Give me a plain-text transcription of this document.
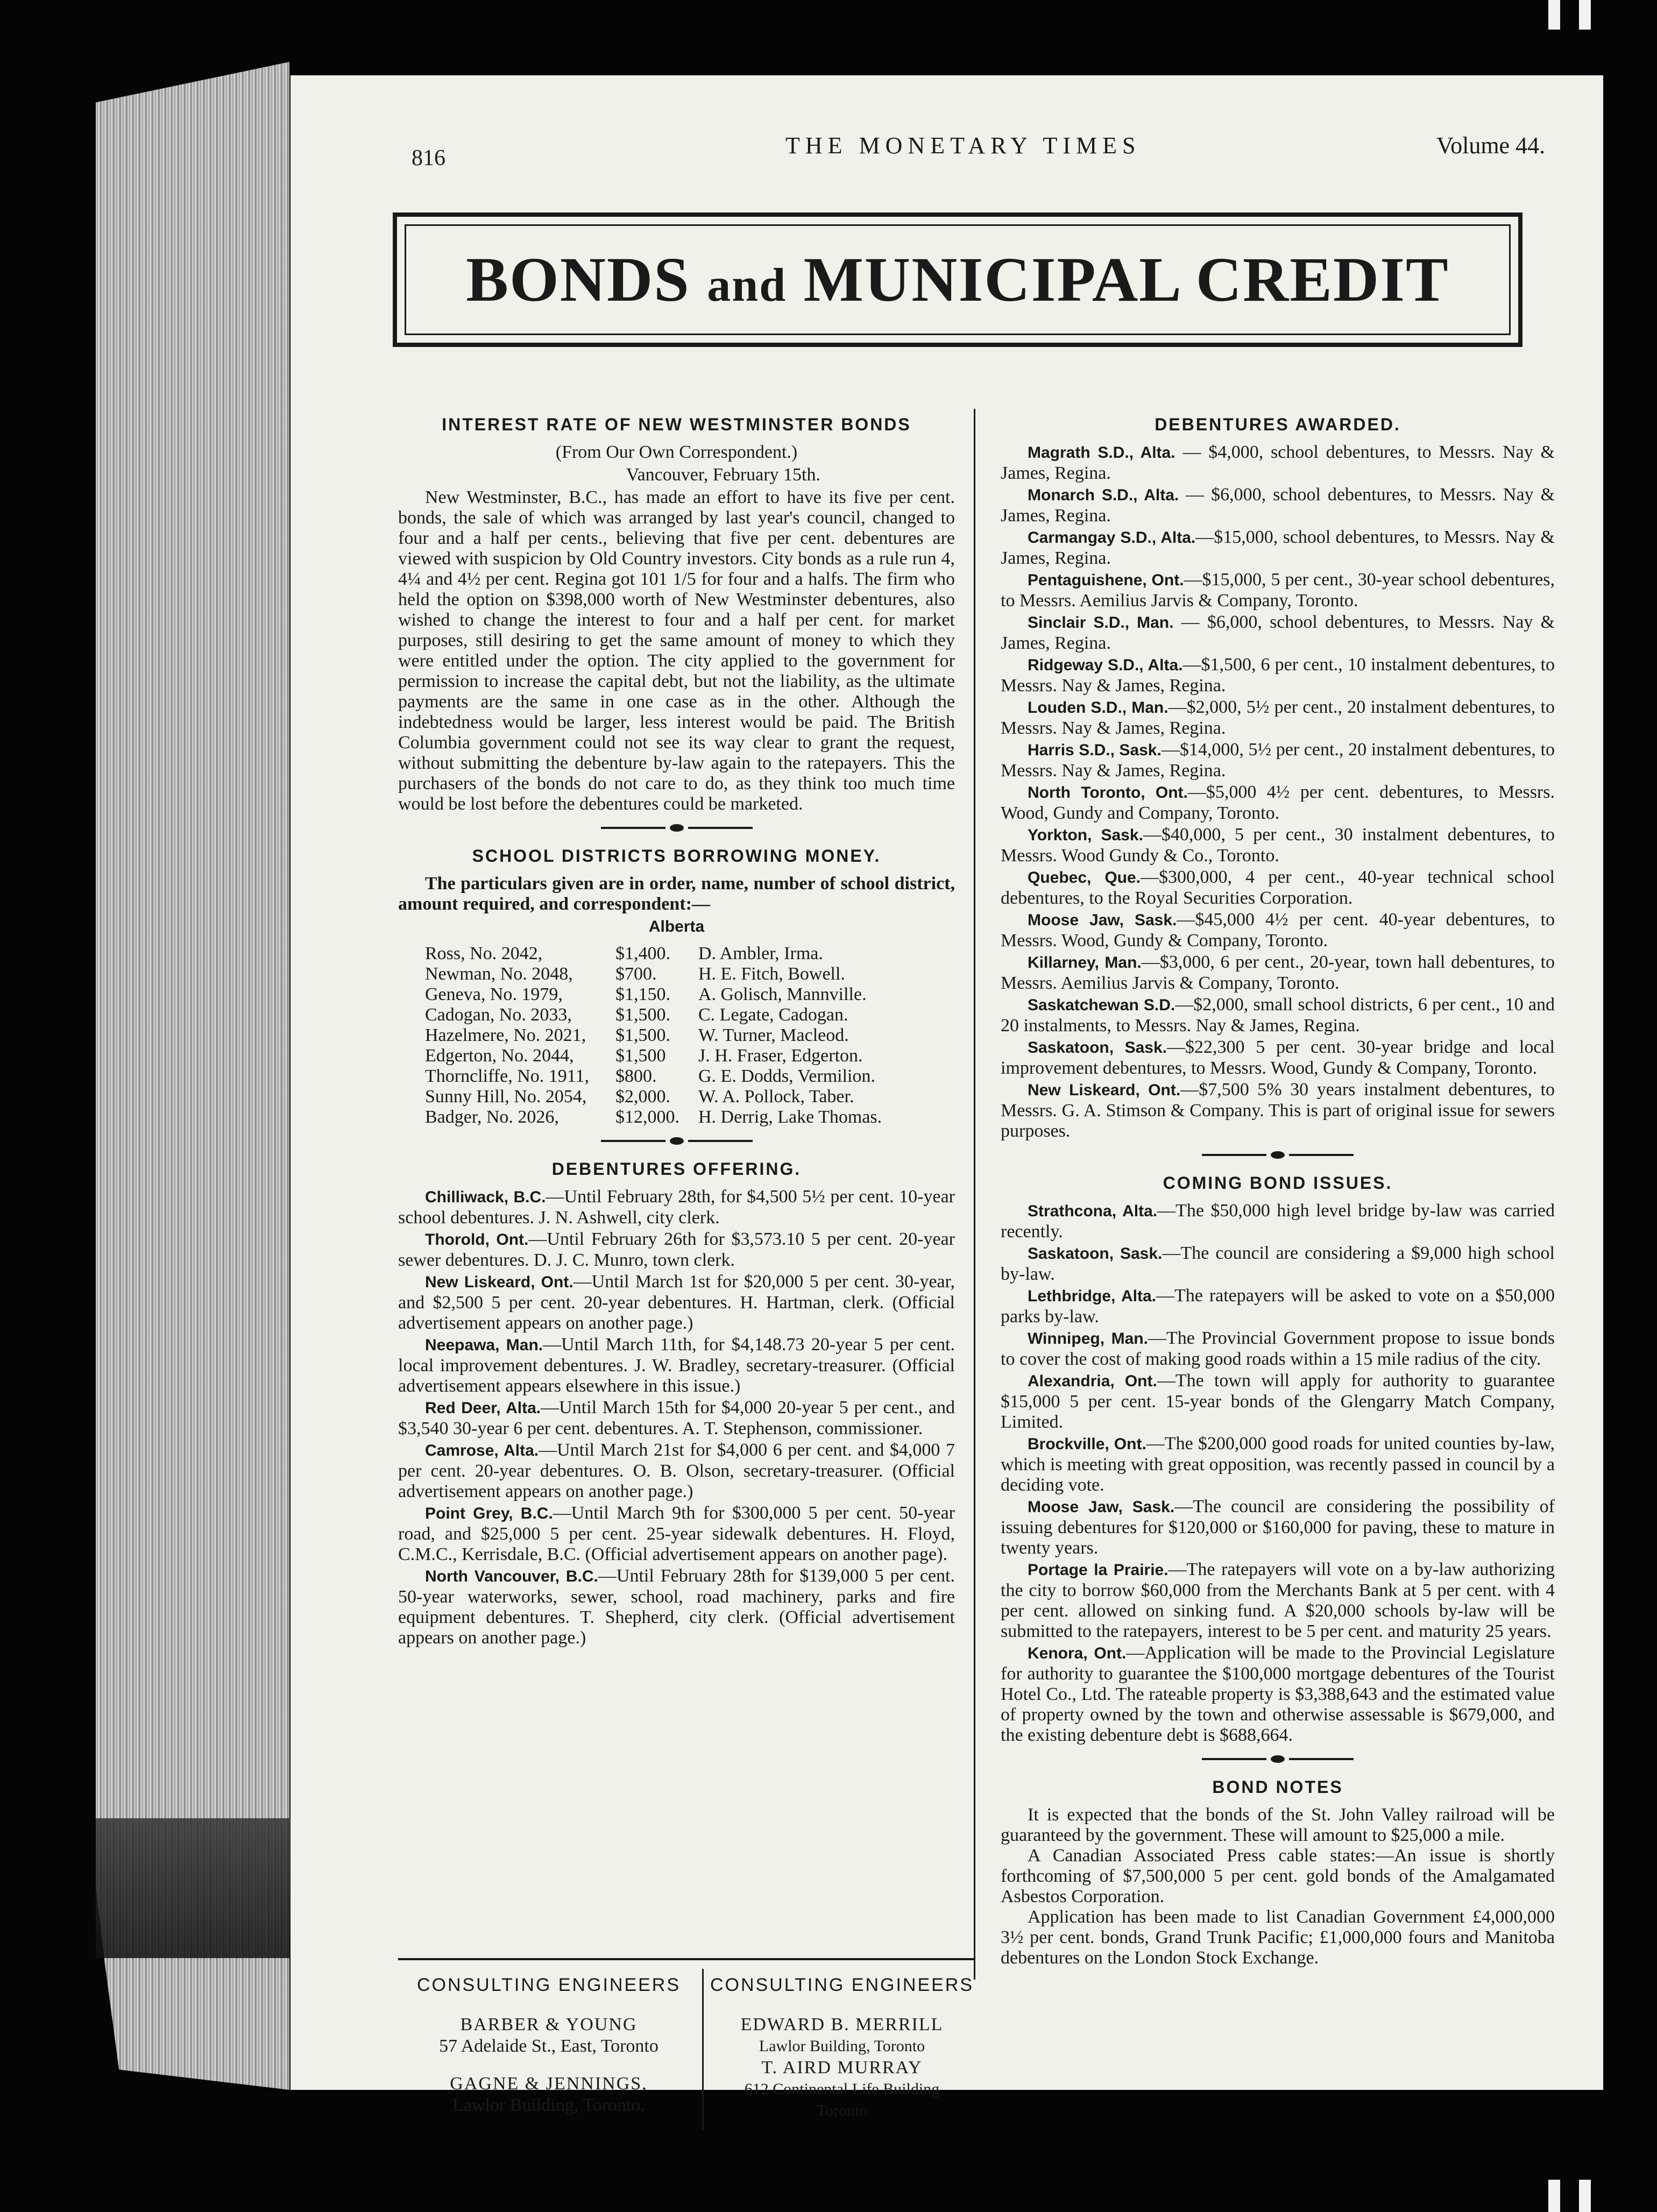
816	THE MONETARY TIMES	Volume 44.
BONDS and MUNICIPAL CREDIT
INTEREST RATE OF NEW WESTMINSTER BONDS
(From Our Own Correspondent.)
Vancouver, February 15th.

New Westminster, B.C., has made an effort to have its five per cent. bonds, the sale of which was arranged by last year's council, changed to four and a half per cents., believing that five per cent. debentures are viewed with suspicion by Old Country investors. City bonds as a rule run 4, 4¼ and 4½ per cent. Regina got 101 1/5 for four and a halfs. The firm who held the option on $398,000 worth of New Westminster debentures, also wished to change the interest to four and a half per cent. for market purposes, still desiring to get the same amount of money to which they were entitled under the option. The city applied to the government for permission to increase the capital debt, but not the liability, as the ultimate payments are the same in one case as in the other. Although the indebtedness would be larger, less interest would be paid. The British Columbia government could not see its way clear to grant the request, without submitting the debenture by-law again to the ratepayers. This the purchasers of the bonds do not care to do, as they think too much time would be lost before the debentures could be marketed.

SCHOOL DISTRICTS BORROWING MONEY.

The particulars given are in order, name, number of school district, amount required, and correspondent:—

Alberta
Ross, No. 2042,	$1,400.	D. Ambler, Irma.
Newman, No. 2048,	$700.	H. E. Fitch, Bowell.
Geneva, No. 1979,	$1,150.	A. Golisch, Mannville.
Cadogan, No. 2033,	$1,500.	C. Legate, Cadogan.
Hazelmere, No. 2021,	$1,500.	W. Turner, Macleod.
Edgerton, No. 2044,	$1,500	J. H. Fraser, Edgerton.
Thorncliffe, No. 1911,	$800.	G. E. Dodds, Vermilion.
Sunny Hill, No. 2054,	$2,000.	W. A. Pollock, Taber.
Badger, No. 2026,	$12,000.	H. Derrig, Lake Thomas.
DEBENTURES OFFERING.
Chilliwack, B.C.—Until February 28th, for $4,500 5½ per cent. 10-year school debentures. J. N. Ashwell, city clerk.
Thorold, Ont.—Until February 26th for $3,573.10 5 per cent. 20-year sewer debentures. D. J. C. Munro, town clerk.
New Liskeard, Ont.—Until March 1st for $20,000 5 per cent. 30-year, and $2,500 5 per cent. 20-year debentures. H. Hartman, clerk. (Official advertisement appears on another page.)
Neepawa, Man.—Until March 11th, for $4,148.73 20-year 5 per cent. local improvement debentures. J. W. Bradley, secretary-treasurer. (Official advertisement appears elsewhere in this issue.)
Red Deer, Alta.—Until March 15th for $4,000 20-year 5 per cent., and $3,540 30-year 6 per cent. debentures. A. T. Stephenson, commissioner.
Camrose, Alta.—Until March 21st for $4,000 6 per cent. and $4,000 7 per cent. 20-year debentures. O. B. Olson, secretary-treasurer. (Official advertisement appears on another page.)
Point Grey, B.C.—Until March 9th for $300,000 5 per cent. 50-year road, and $25,000 5 per cent. 25-year sidewalk debentures. H. Floyd, C.M.C., Kerrisdale, B.C. (Official advertisement appears on another page).
North Vancouver, B.C.—Until February 28th for $139,000 5 per cent. 50-year waterworks, sewer, school, road machinery, parks and fire equipment debentures. T. Shepherd, city clerk. (Official advertisement appears on another page.)
DEBENTURES AWARDED.
Magrath S.D., Alta. — $4,000, school debentures, to Messrs. Nay & James, Regina.
Monarch S.D., Alta. — $6,000, school debentures, to Messrs. Nay & James, Regina.
Carmangay S.D., Alta.—$15,000, school debentures, to Messrs. Nay & James, Regina.
Pentaguishene, Ont.—$15,000, 5 per cent., 30-year school debentures, to Messrs. Aemilius Jarvis & Company, Toronto.
Sinclair S.D., Man. — $6,000, school debentures, to Messrs. Nay & James, Regina.
Ridgeway S.D., Alta.—$1,500, 6 per cent., 10 instalment debentures, to Messrs. Nay & James, Regina.
Louden S.D., Man.—$2,000, 5½ per cent., 20 instalment debentures, to Messrs. Nay & James, Regina.
Harris S.D., Sask.—$14,000, 5½ per cent., 20 instalment debentures, to Messrs. Nay & James, Regina.
North Toronto, Ont.—$5,000 4½ per cent. debentures, to Messrs. Wood, Gundy and Company, Toronto.
Yorkton, Sask.—$40,000, 5 per cent., 30 instalment debentures, to Messrs. Wood Gundy & Co., Toronto.
Quebec, Que.—$300,000, 4 per cent., 40-year technical school debentures, to the Royal Securities Corporation.
Moose Jaw, Sask.—$45,000 4½ per cent. 40-year debentures, to Messrs. Wood, Gundy & Company, Toronto.
Killarney, Man.—$3,000, 6 per cent., 20-year, town hall debentures, to Messrs. Aemilius Jarvis & Company, Toronto.
Saskatchewan S.D.—$2,000, small school districts, 6 per cent., 10 and 20 instalments, to Messrs. Nay & James, Regina.
Saskatoon, Sask.—$22,300 5 per cent. 30-year bridge and local improvement debentures, to Messrs. Wood, Gundy & Company, Toronto.
New Liskeard, Ont.—$7,500 5% 30 years instalment debentures, to Messrs. G. A. Stimson & Company. This is part of original issue for sewers purposes.
COMING BOND ISSUES.
Strathcona, Alta.—The $50,000 high level bridge by-law was carried recently.
Saskatoon, Sask.—The council are considering a $9,000 high school by-law.
Lethbridge, Alta.—The ratepayers will be asked to vote on a $50,000 parks by-law.
Winnipeg, Man.—The Provincial Government propose to issue bonds to cover the cost of making good roads within a 15 mile radius of the city.
Alexandria, Ont.—The town will apply for authority to guarantee $15,000 5 per cent. 15-year bonds of the Glengarry Match Company, Limited.
Brockville, Ont.—The $200,000 good roads for united counties by-law, which is meeting with great opposition, was recently passed in council by a deciding vote.
Moose Jaw, Sask.—The council are considering the possibility of issuing debentures for $120,000 or $160,000 for paving, these to mature in twenty years.
Portage la Prairie.—The ratepayers will vote on a by-law authorizing the city to borrow $60,000 from the Merchants Bank at 5 per cent. with 4 per cent. allowed on sinking fund. A $20,000 schools by-law will be submitted to the ratepayers, interest to be 5 per cent. and maturity 25 years.
Kenora, Ont.—Application will be made to the Provincial Legislature for authority to guarantee the $100,000 mortgage debentures of the Tourist Hotel Co., Ltd. The rateable property is $3,388,643 and the estimated value of property owned by the town and otherwise assessable is $679,000, and the existing debenture debt is $688,664.
BOND NOTES

It is expected that the bonds of the St. John Valley railroad will be guaranteed by the government. These will amount to $25,000 a mile.

A Canadian Associated Press cable states:—An issue is shortly forthcoming of $7,500,000 5 per cent. gold bonds of the Amalgamated Asbestos Corporation.

Application has been made to list Canadian Government £4,000,000 3½ per cent. bonds, Grand Trunk Pacific; £1,000,000 fours and Manitoba debentures on the London Stock Exchange.

CONSULTING ENGINEERS
BARBER & YOUNG
57 Adelaide St., East, Toronto
GAGNE & JENNINGS,
Lawlor Building, Toronto.
CONSULTING ENGINEERS
EDWARD B. MERRILL
Lawlor Building, Toronto
T. AIRD MURRAY
612 Continental Life Building
Toronto
